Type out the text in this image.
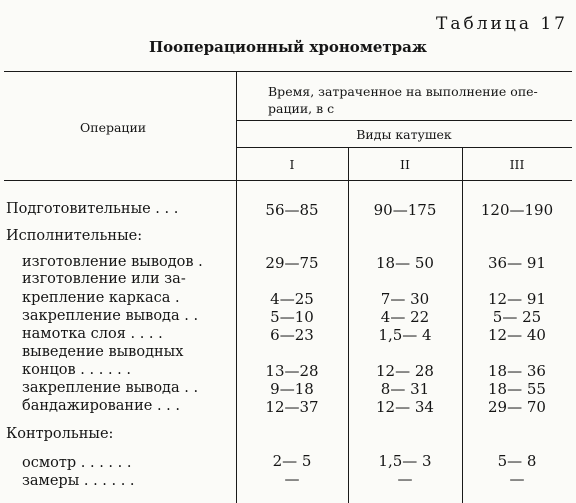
Таблица 17
Пооперационный хронометраж
Операции
Время, затраченное на выполнение опе-
рации, в с
Виды катушек
I	II	III
Подготовительные . . .	56—85	90—175	120—190
Исполнительные:
изготовление выводов .	29—75	18— 50	36— 91
изготовление или за-
крепление каркаса .	4—25	7— 30	12— 91
закрепление вывода . .	5—10	4— 22	5— 25
намотка слоя . . . .	6—23	1,5— 4	12— 40
выведение выводных
концов . . . . . .	13—28	12— 28	18— 36
закрепление вывода . .	9—18	8— 31	18— 55
бандажирование . . .	12—37	12— 34	29— 70
Контрольные:
осмотр . . . . . .	2— 5	1,5— 3	5— 8
замеры . . . . . .	—	—	—
